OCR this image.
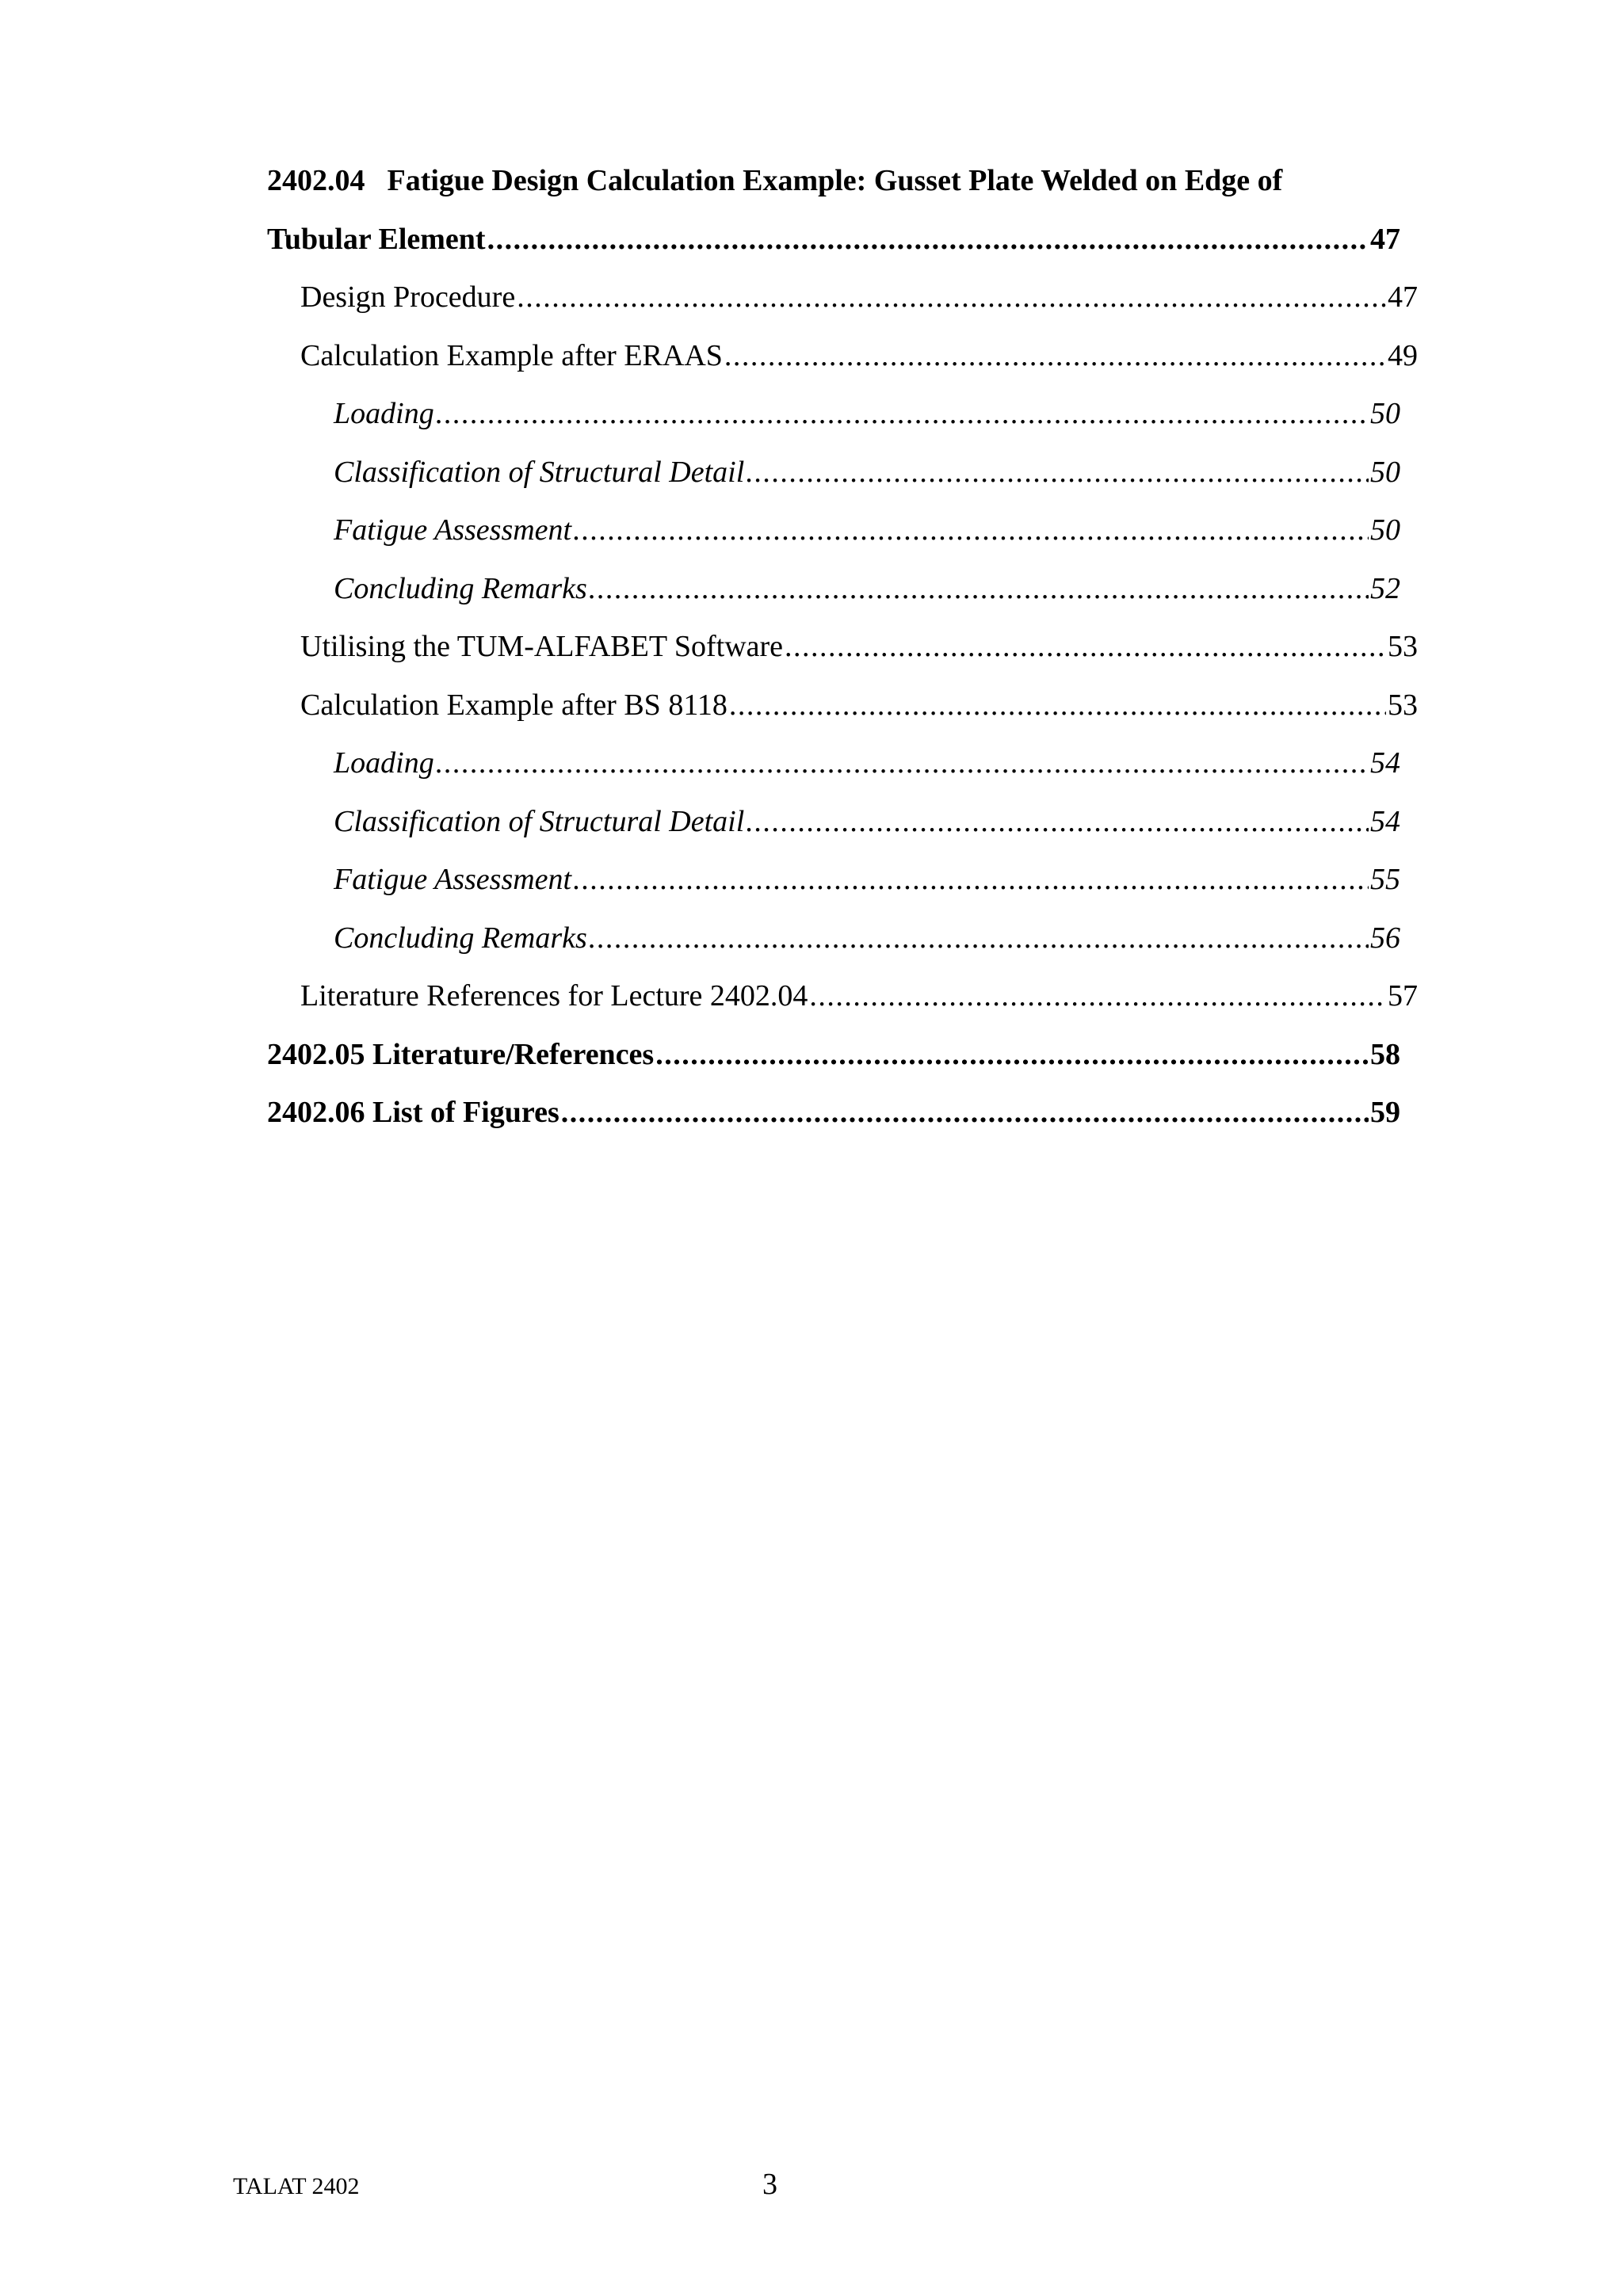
2402.04 Fatigue Design Calculation Example: Gusset Plate Welded on Edge of
Tubular Element .....	47
Design Procedure .....	47
Calculation Example after ERAAS .....	49
Loading .....	50
Classification of Structural Detail .....	50
Fatigue Assessment .....	50
Concluding Remarks .....	52
Utilising the TUM-ALFABET Software .....	53
Calculation Example after BS 8118 .....	53
Loading .....	54
Classification of Structural Detail .....	54
Fatigue Assessment .....	55
Concluding Remarks .....	56
Literature References for Lecture 2402.04 .....	57
2402.05 Literature/References .....	58
2402.06 List of Figures .....	59
TALAT 2402	3
